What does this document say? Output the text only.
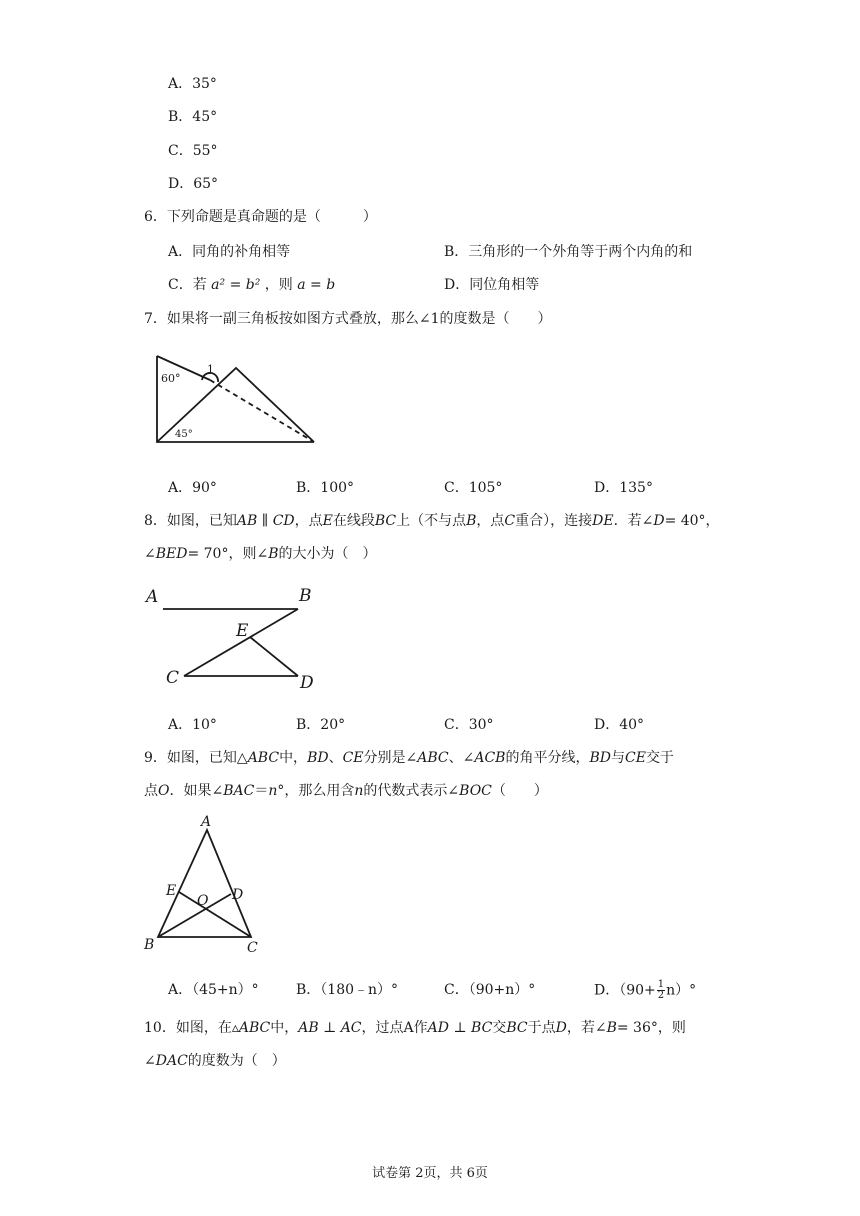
A．35°
B．45°
C．55°
D．65°
6．下列命题是真命题的是（　　　）
A．同角的补角相等	B．三角形的一个外角等于两个内角的和
C．若 a² = b² ，则 a = b	D．同位角相等
7．如果将一副三角板按如图方式叠放，那么∠1的度数是（　　）
60°
1
45°
A．90°	B．100°	C．105°	D．135°
8．如图，已知AB ∥ CD，点E在线段BC上（不与点B，点C重合），连接DE．若∠D= 40°，
∠BED= 70°，则∠B的大小为（　）
A	B
E
C	D
A．10°	B．20°	C．30°	D．40°
9．如图，已知△ABC中，BD、CE分别是∠ABC、∠ACB的角平分线，BD与CE交于
点O．如果∠BAC＝n°，那么用含n的代数式表示∠BOC（　　）
A
E
O D
B	C
A．（45+n）°	B．（180﹣n）°	C．（90+n）°	D．$(90+ \frac{1}{2} n)^\circ$
10．如图，在▵ABC中，AB ⊥ AC，过点A作AD ⊥ BC交BC于点D，若∠B= 36°，则
∠DAC的度数为（　）
试卷第 2页，共 6页
